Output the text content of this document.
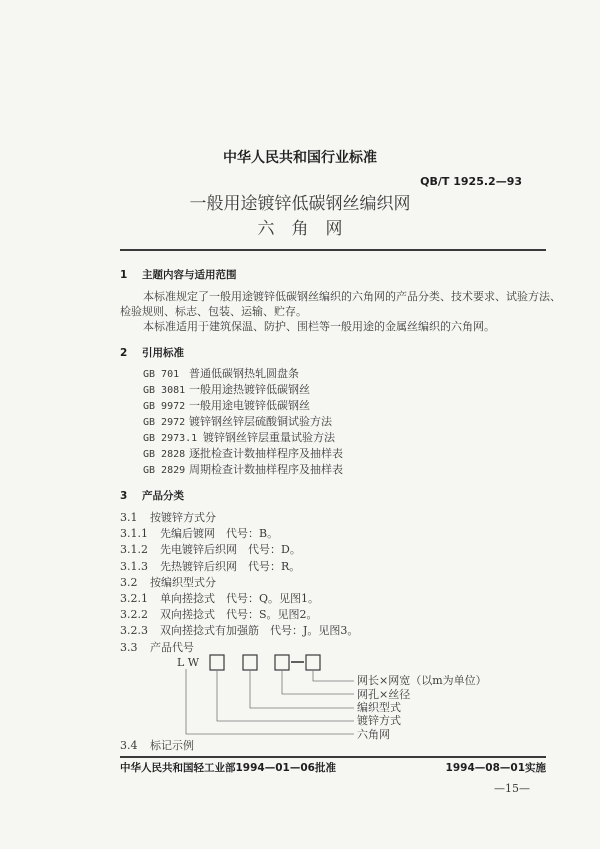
中华人民共和国行业标准
QB/T 1925.2—93
一般用途镀锌低碳钢丝编织网
六　角　网
1 主题内容与适用范围
本标准规定了一般用途镀锌低碳钢丝编织的六角网的产品分类、技术要求、试验方法、
检验规则、标志、包装、运输、贮存。
本标准适用于建筑保温、防护、围栏等一般用途的金属丝编织的六角网。
2 引用标准
GB 701 普通低碳钢热轧圆盘条
GB 3081 一般用途热镀锌低碳钢丝
GB 9972 一般用途电镀锌低碳钢丝
GB 2972 镀锌钢丝锌层硫酸铜试验方法
GB 2973.1 镀锌钢丝锌层重量试验方法
GB 2828 逐批检查计数抽样程序及抽样表
GB 2829 周期检查计数抽样程序及抽样表
3 产品分类
3.1 按镀锌方式分
3.1.1 先编后镀网　代号：B。
3.1.2 先电镀锌后织网　代号：D。
3.1.3 先热镀锌后织网　代号：R。
3.2 按编织型式分
3.2.1 单向搓捻式　代号：Q。见图1。
3.2.2 双向搓捻式　代号：S。见图2。
3.2.3 双向搓捻式有加强筋　代号：J。见图3。
3.3 产品代号
L W
网长×网宽（以m为单位）
网孔×丝径
编织型式
镀锌方式
六角网
3.4 标记示例
中华人民共和国轻工业部1994—01—06批准	1994—08—01实施
—15—
